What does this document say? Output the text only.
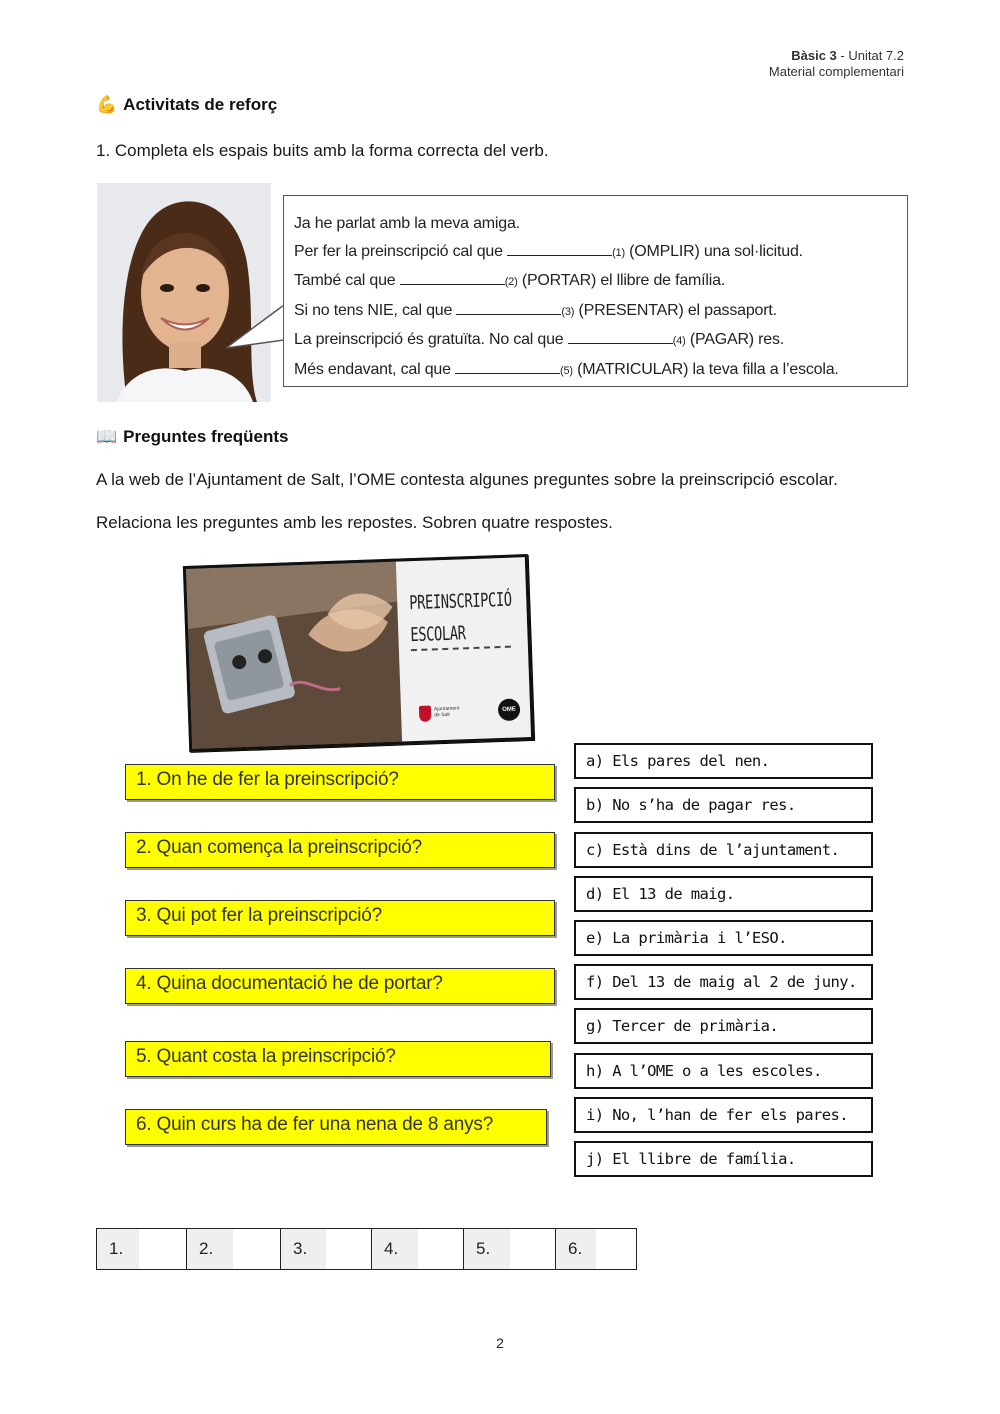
Bàsic 3 - Unitat 7.2
Material complementari
💪 Activitats de reforç
1. Completa els espais buits amb la forma correcta del verb.
Ja he parlat amb la meva amiga.
Per fer la preinscripció cal que	(1) (OMPLIR) una sol·licitud.
També cal que	(2) (PORTAR) el llibre de família.
Si no tens NIE, cal que	(3) (PRESENTAR) el passaport.
La preinscripció és gratuïta. No cal que	(4) (PAGAR) res.
Més endavant, cal que	(5) (MATRICULAR) la teva filla a l’escola.
📖 Preguntes freqüents
A la web de l’Ajuntament de Salt, l’OME contesta algunes preguntes sobre la preinscripció escolar.
Relaciona les preguntes amb les repostes. Sobren quatre respostes.
PREINSCRIPCIÓ
ESCOLAR
Ajuntament
de Salt
OME
1. On he de fer la preinscripció?
2. Quan comença la preinscripció?
3. Qui pot fer la preinscripció?
4. Quina documentació he de portar?
5. Quant costa la preinscripció?
6. Quin curs ha de fer una nena de 8 anys?
a) Els pares del nen.
b) No s’ha de pagar res.
c) Està dins de l’ajuntament.
d) El 13 de maig.
e) La primària i l’ESO.
f) Del 13 de maig al 2 de juny.
g) Tercer de primària.
h) A l’OME o a les escoles.
i) No, l’han de fer els pares.
j) El llibre de família.
1.	2.	3.	4.	5.	6.
2
